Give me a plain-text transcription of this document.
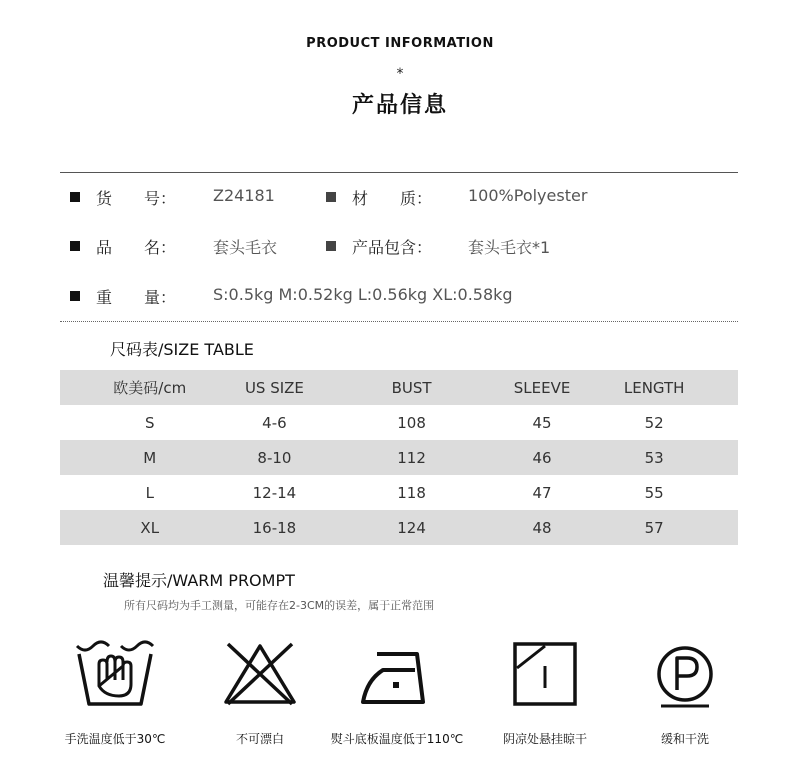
PRODUCT INFORMATION
*
产品信息
货　　号： Z24181	材　　质： 100%Polyester
品　　名： 套头毛衣	产品包含： 套头毛衣*1
重　　量： S:0.5kg M:0.52kg L:0.56kg XL:0.58kg
尺码表/SIZE TABLE
欧美码/cm	US SIZE	BUST	SLEEVE	LENGTH
S	4-6	108	45	52
M	8-10	112	46	53
L	12-14	118	47	55
XL	16-18	124	48	57
温馨提示/WARM PROMPT
所有尺码均为手工测量，可能存在2-3CM的误差，属于正常范围
手洗温度低于30℃	不可漂白	熨斗底板温度低于110℃	阴凉处悬挂晾干	缓和干洗
